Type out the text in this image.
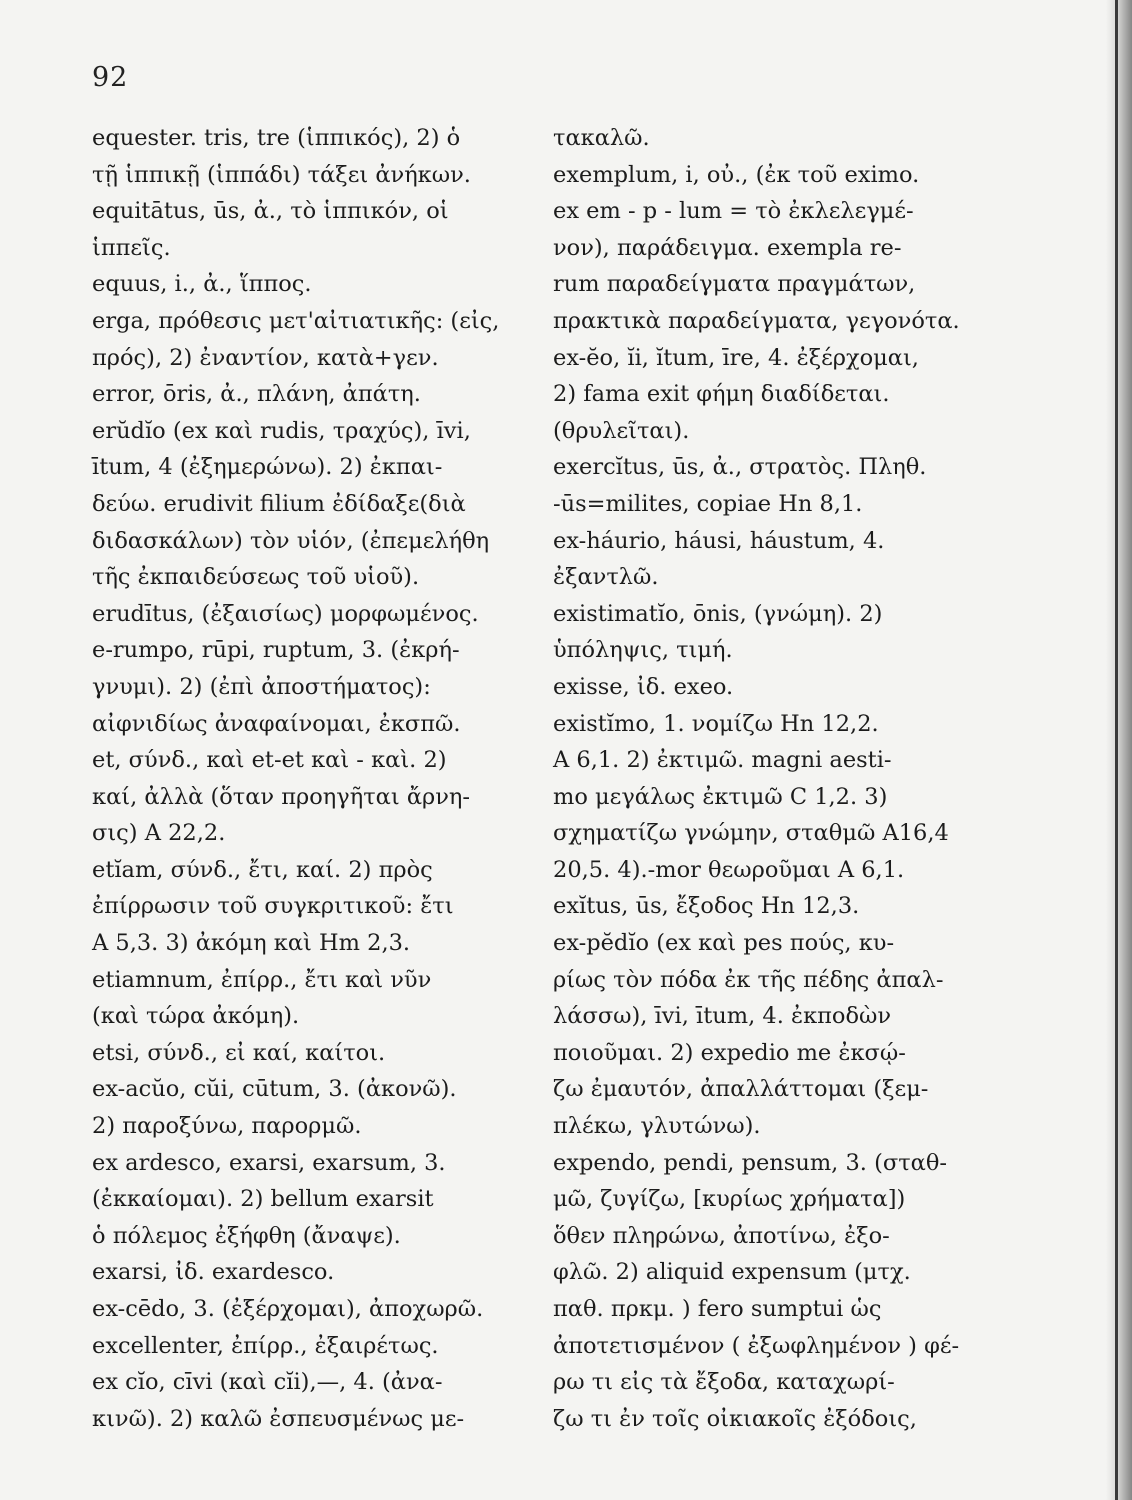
92
equester. tris, tre (ἱππικός), 2) ὁ
τῇ ἱππικῇ (ἱππάδι) τάξει ἀνήκων.
equitātus, ūs, ἀ., τὸ ἱππικόν, οἱ
ἱππεῖς.
equus, i., ἀ., ἵππος.
erga, πρόθεσις μετ'αἰτιατικῆς: (εἰς,
πρός), 2) ἐναντίον, κατὰ+γεν.
error, ōris, ἀ., πλάνη, ἀπάτη.
erŭdĭo (ex καὶ rudis, τραχύς), īvi,
ītum, 4 (ἐξημερώνω). 2) ἐκπαι-
δεύω. erudivit filium ἐδίδαξε(διὰ
διδασκάλων) τὸν υἱόν, (ἐπεμελήθη
τῆς ἐκπαιδεύσεως τοῦ υἱοῦ).
erudītus, (ἐξαισίως) μορφωμένος.
e-rumpo, rūpi, ruptum, 3. (ἐκρή-
γνυμι). 2) (ἐπὶ ἀποστήματος):
αἰφνιδίως ἀναφαίνομαι, ἐκσπῶ.
et, σύνδ., καὶ et-et καὶ - καὶ. 2)
καί, ἀλλὰ (ὅταν προηγῆται ἄρνη-
σις) A 22,2.
etĭam, σύνδ., ἔτι, καί. 2) πρὸς
ἐπίρρωσιν τοῦ συγκριτικοῦ: ἔτι
A 5,3. 3) ἀκόμη καὶ Hm 2,3.
etiamnum, ἐπίρρ., ἔτι καὶ νῦν
(καὶ τώρα ἀκόμη).
etsi, σύνδ., εἰ καί, καίτοι.
ex-acŭo, cŭi, cūtum, 3. (ἀκονῶ).
2) παροξύνω, παρορμῶ.
ex ardesco, exarsi, exarsum, 3.
(ἐκκαίομαι). 2) bellum exarsit
ὁ πόλεμος ἐξήφθη (ἄναψε).
exarsi, ἰδ. exardesco.
ex-cēdo, 3. (ἐξέρχομαι), ἀποχωρῶ.
excellenter, ἐπίρρ., ἐξαιρέτως.
ex cĭo, cīvi (καὶ cĭi),—, 4. (ἀνα-
κινῶ). 2) καλῶ ἐσπευσμένως με-
τακαλῶ.
exemplum, i, οὐ., (ἐκ τοῦ eximo.
ex em - p - lum = τὸ ἐκλελεγμέ-
νον), παράδειγμα. exempla re-
rum παραδείγματα πραγμάτων,
πρακτικὰ παραδείγματα, γεγονότα.
ex-ĕo, ĭi, ĭtum, īre, 4. ἐξέρχομαι,
2) fama exit φήμη διαδίδεται.
(θρυλεῖται).
exercĭtus, ūs, ἀ., στρατὸς. Πληθ.
-ūs=milites, copiae Hn 8,1.
ex-háurio, háusi, háustum, 4.
ἐξαντλῶ.
existimatĭo, ōnis, (γνώμη). 2)
ὑπόληψις, τιμή.
exisse, ἰδ. exeo.
existĭmo, 1. νομίζω Hn 12,2.
A 6,1. 2) ἐκτιμῶ. magni aesti-
mo μεγάλως ἐκτιμῶ C 1,2. 3)
σχηματίζω γνώμην, σταθμῶ A16,4
20,5. 4).-mor θεωροῦμαι A 6,1.
exĭtus, ūs, ἔξοδος Hn 12,3.
ex-pĕdĭo (ex καὶ pes πούς, κυ-
ρίως τὸν πόδα ἐκ τῆς πέδης ἀπαλ-
λάσσω), īvi, ītum, 4. ἐκποδὼν
ποιοῦμαι. 2) expedio me ἐκσῴ-
ζω ἐμαυτόν, ἀπαλλάττομαι (ξεμ-
πλέκω, γλυτώνω).
expendo, pendi, pensum, 3. (σταθ-
μῶ, ζυγίζω, [κυρίως χρήματα])
ὅθεν πληρώνω, ἀποτίνω, ἐξο-
φλῶ. 2) aliquid expensum (μτχ.
παθ. πρκμ. ) fero sumptui ὡς
ἀποτετισμένον ( ἐξωφλημένον ) φέ-
ρω τι εἰς τὰ ἔξοδα, καταχωρί-
ζω τι ἐν τοῖς οἰκιακοῖς ἐξόδοις,
